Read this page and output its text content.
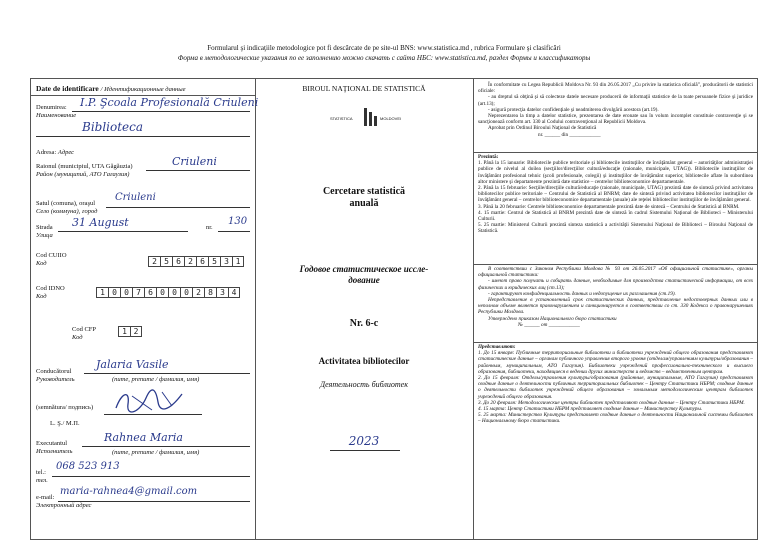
Formularul şi indicaţiile metodologice pot fi descărcate de pe site-ul BNS: www.statistica.md , rubrica Formulare şi clasificări
Форма в методологические указания по ее заполнению можно скачать с сайта НБС: www.statistica.md, раздел Формы и классификаторы
Date de identificare / Идентификационные данные
Denumirea:
Наименование
I.P. Şcoala Profesională Criuleni
Biblioteca
Adresa: Адрес
Raionul (municipiul, UTA Găgăuzia)
Район (муниципий, АТО Гагаузия)
Criuleni
Satul (comuna), oraşul
Село (коммуна), город
Criuleni
Strada
Улица
31 August	nr.
130
Cod CUIIO
Код	2 5 6 2 6 5 3 1
Cod IDNO
Код	1 0 0 7 6 0 0 0 2 8 3 4
Cod CFP
Код
1 2
Conducătorul
Руководитель
Jalaria Vasile
(nume, prenume / фамилия, имя)
(semnătura/ подпись)
L. Ş./ М.П.
Executantul
Исполнитель
Rahnea Maria
(nume, prenume / фамилия, имя)
tel.:
тел.
068 523 913
e-mail:
Электронный адрес
maria-rahnea4@gmail.com
BIROUL NAŢIONAL DE STATISTICĂ
STATISTICA	MOLDOVEI
Cercetare statistică
anuală
Годовое статистическое иссле-
дование
Nr. 6-c
Activitatea bibliotecilor
Деятельность библиотек
2023
În conformitate cu Legea Republicii Moldova Nr. 93 din 26.05.2017 „Cu privire la statistica oficială”, producătorii de statistici oficiale:
- au dreptul să obţină şi să colecteze datele necesare producerii de informaţii statistice de la toate persoanele fizice şi juridice (art.13);
- asigură protecţia datelor confidenţiale şi neadmiterea divulgării acestora (art.19).
Neprezentarea la timp a datelor statistice, prezentarea de date eronate sau în volum incomplet constituie contravenţie şi se sancţionează conform art. 330 al Codului contravenţional al Republicii Moldova.
Aprobat prin Ordinul Biroului Naţional de Statistică
nr. ______ din ____________
Prezintă:
1. Până la 15 ianuarie: Bibliotecile publice teritoriale şi bibliotecile instituţiilor de învăţământ general – autorităţilor administraţiei publice de nivelul al doilea (secţiilor/direcţiilor cultură/educaţie (raionale, municipale, UTAG)). Bibliotecile instituţiilor de învăţământ profesional tehnic (şcoli profesionale, colegii) şi instituţiilor de învăţământ superior, bibliotecile aflate în subordinea altor ministere şi departamente prezintă date statistice – centrelor biblioteconomice departamentale.
2. Până la 15 februarie: Secţiile/direcţiile cultură/educaţie (raionale, municipale, UTAG) prezintă date de sinteză privind activitatea bibliotecilor publice teritoriale – Centrului de Statistică al BNRM; date de sinteză privind activitatea bibliotecilor instituţiilor de învăţământ general – centrelor biblioteconomice departamentale (anuale) ale reţelei bibliotecilor instituţiilor de învăţământ general.
3. Până la 20 februarie: Centrele biblioteconomice departamentale prezintă date de sinteză – Centrului de Statistică al BNRM.
4. 15 martie: Centrul de Statistică al BNRM prezintă date de sinteză în cadrul Sistemului Naţional de Biblioteci – Ministerului Culturii.
5. 25 martie: Ministerul Culturii prezintă sinteza statistică a activităţii Sistemului Naţional de Biblioteci – Biroului Naţional de Statistică.
В соответствии с Законом Республики Молдова № 93 от 26.05.2017 «Об официальной статистике», органы официальной статистики:
- имеют право получать и собирать данные, необходимые для производства статистической информации, от всех физических и юридических лиц (ст.13);
- гарантируют конфиденциальность данных и недопущение их разглашения (ст.19).
Непредставление в установленный срок статистических данных, представление недостоверных данных или в неполном объеме является правонарушением и санкционируется в соответствии со ст. 330 Кодекса о правонарушениях Республики Молдова.
Утверждено приказом Национального бюро статистики
№ ______ от ____________
Представляют:
1. До 15 января: Публичные территориальные библиотеки и библиотеки учреждений общего образования представляют статистические данные – органам публичного управления второго уровня (отделам/управлениям культуры/образования – районным, муниципальным, АТО Гагаузия). Библиотеки учреждений профессионально-технического и высшего образования, библиотеки, находящиеся в ведении других министерств и ведомств – ведомственным центрам.
2. До 15 февраля: Отделы/управления культуры/образования (районные, муниципальные, АТО Гагаузия) представляют сводные данные о деятельности публичных территориальных библиотек – Центру Статистики НБРМ; сводные данные о деятельности библиотек учреждений общего образования – зональным методологическим центрам библиотек учреждений общего образования.
3. До 20 февраля: Методологические центры библиотек представляют сводные данные – Центру Статистики НБРМ.
4. 15 марта: Центр Статистики НБРМ представляет сводные данные – Министерству Культуры.
5. 25 марта: Министерство Культуры представляет сводные данные о деятельности Национальной системы библиотек – Национальному бюро статистики.
